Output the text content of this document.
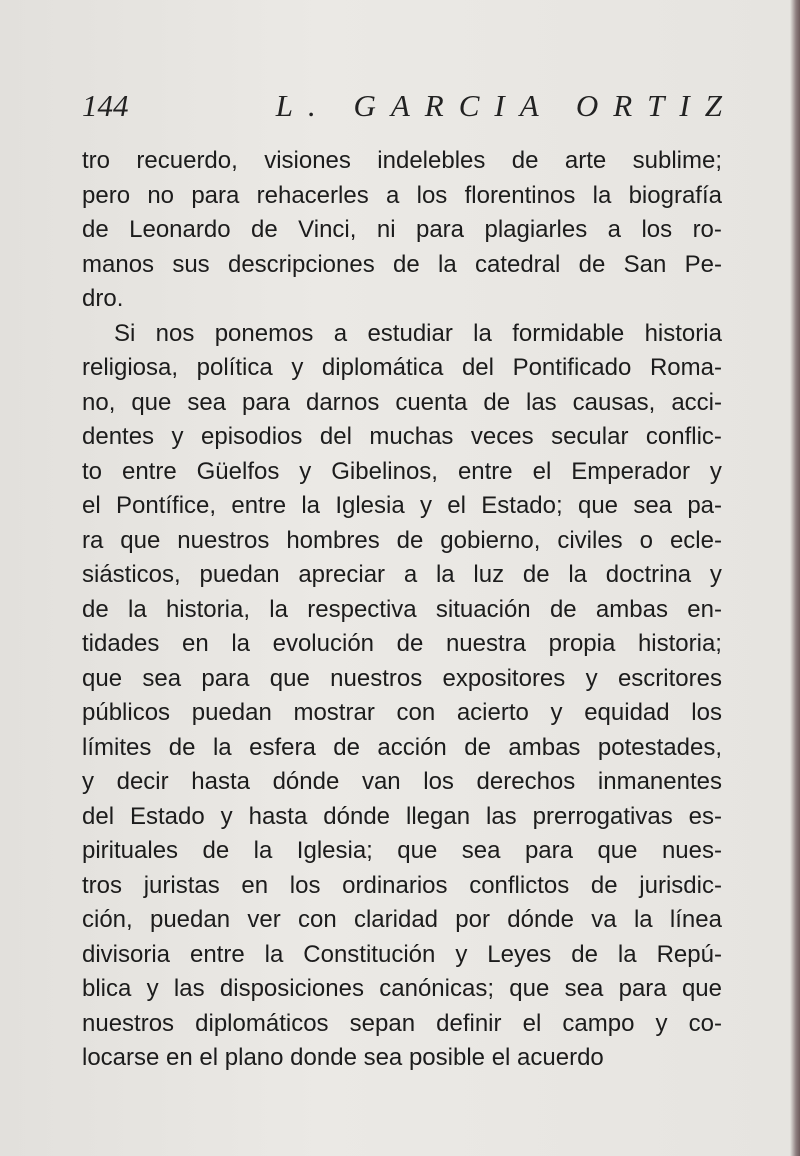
144	L. GARCIA ORTIZ
tro recuerdo, visiones indelebles de arte sublime;
pero no para rehacerles a los florentinos la biografía
de Leonardo de Vinci, ni para plagiarles a los ro-
manos sus descripciones de la catedral de San Pe-
dro.
Si nos ponemos a estudiar la formidable historia
religiosa, política y diplomática del Pontificado Roma-
no, que sea para darnos cuenta de las causas, acci-
dentes y episodios del muchas veces secular conflic-
to entre Güelfos y Gibelinos, entre el Emperador y
el Pontífice, entre la Iglesia y el Estado; que sea pa-
ra que nuestros hombres de gobierno, civiles o ecle-
siásticos, puedan apreciar a la luz de la doctrina y
de la historia, la respectiva situación de ambas en-
tidades en la evolución de nuestra propia historia;
que sea para que nuestros expositores y escritores
públicos puedan mostrar con acierto y equidad los
límites de la esfera de acción de ambas potestades,
y decir hasta dónde van los derechos inmanentes
del Estado y hasta dónde llegan las prerrogativas es-
pirituales de la Iglesia; que sea para que nues-
tros juristas en los ordinarios conflictos de jurisdic-
ción, puedan ver con claridad por dónde va la línea
divisoria entre la Constitución y Leyes de la Repú-
blica y las disposiciones canónicas; que sea para que
nuestros diplomáticos sepan definir el campo y co-
locarse en el plano donde sea posible el acuerdo
